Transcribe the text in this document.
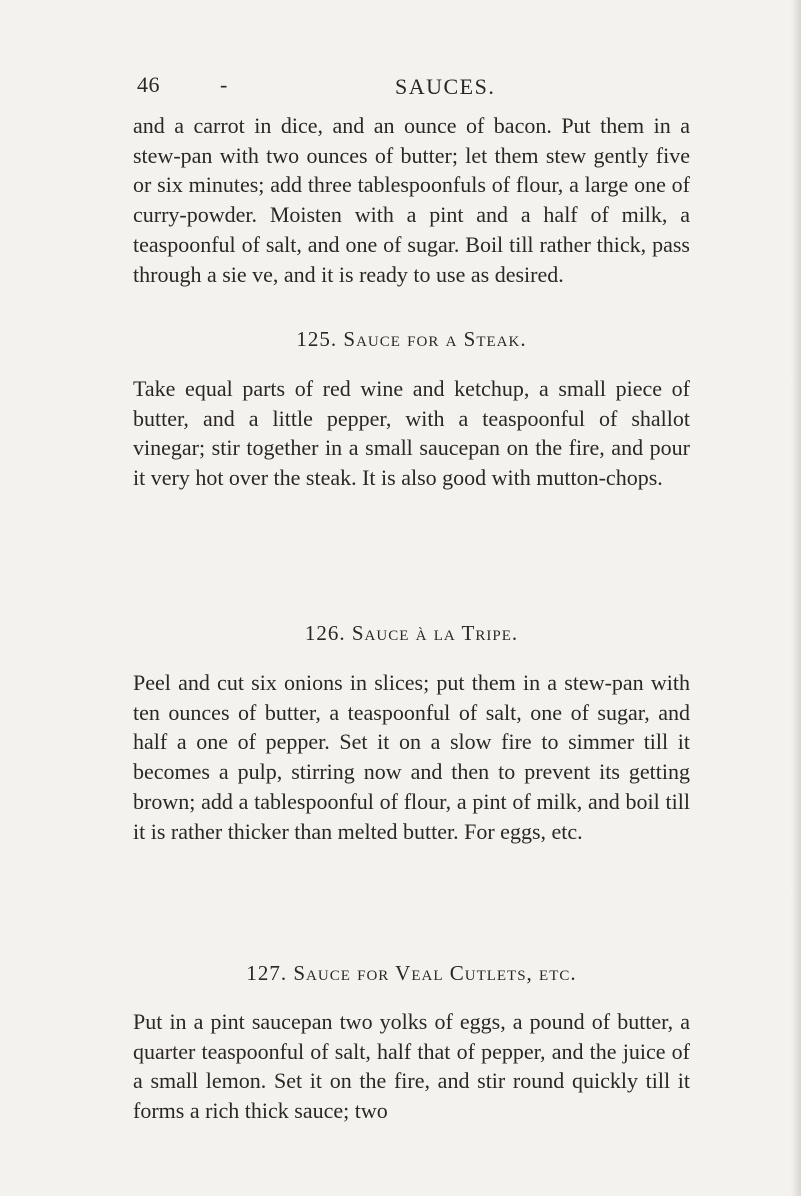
46	-	SAUCES.

and a carrot in dice, and an ounce of bacon. Put them in a stew-pan with two ounces of butter; let them stew gently five or six minutes; add three tablespoonfuls of flour, a large one of curry-powder. Moisten with a pint and a half of milk, a teaspoonful of salt, and one of sugar. Boil till rather thick, pass through a sie ve, and it is ready to use as desired.

125. Sauce for a Steak.

Take equal parts of red wine and ketchup, a small piece of butter, and a little pepper, with a teaspoonful of shallot vinegar; stir together in a small saucepan on the fire, and pour it very hot over the steak. It is also good with mutton-chops.

126. Sauce à la Tripe.

Peel and cut six onions in slices; put them in a stew-pan with ten ounces of butter, a teaspoonful of salt, one of sugar, and half a one of pepper. Set it on a slow fire to simmer till it becomes a pulp, stirring now and then to prevent its getting brown; add a tablespoonful of flour, a pint of milk, and boil till it is rather thicker than melted butter. For eggs, etc.

127. Sauce for Veal Cutlets, etc.

Put in a pint saucepan two yolks of eggs, a pound of butter, a quarter teaspoonful of salt, half that of pepper, and the juice of a small lemon. Set it on the fire, and stir round quickly till it forms a rich thick sauce; two
